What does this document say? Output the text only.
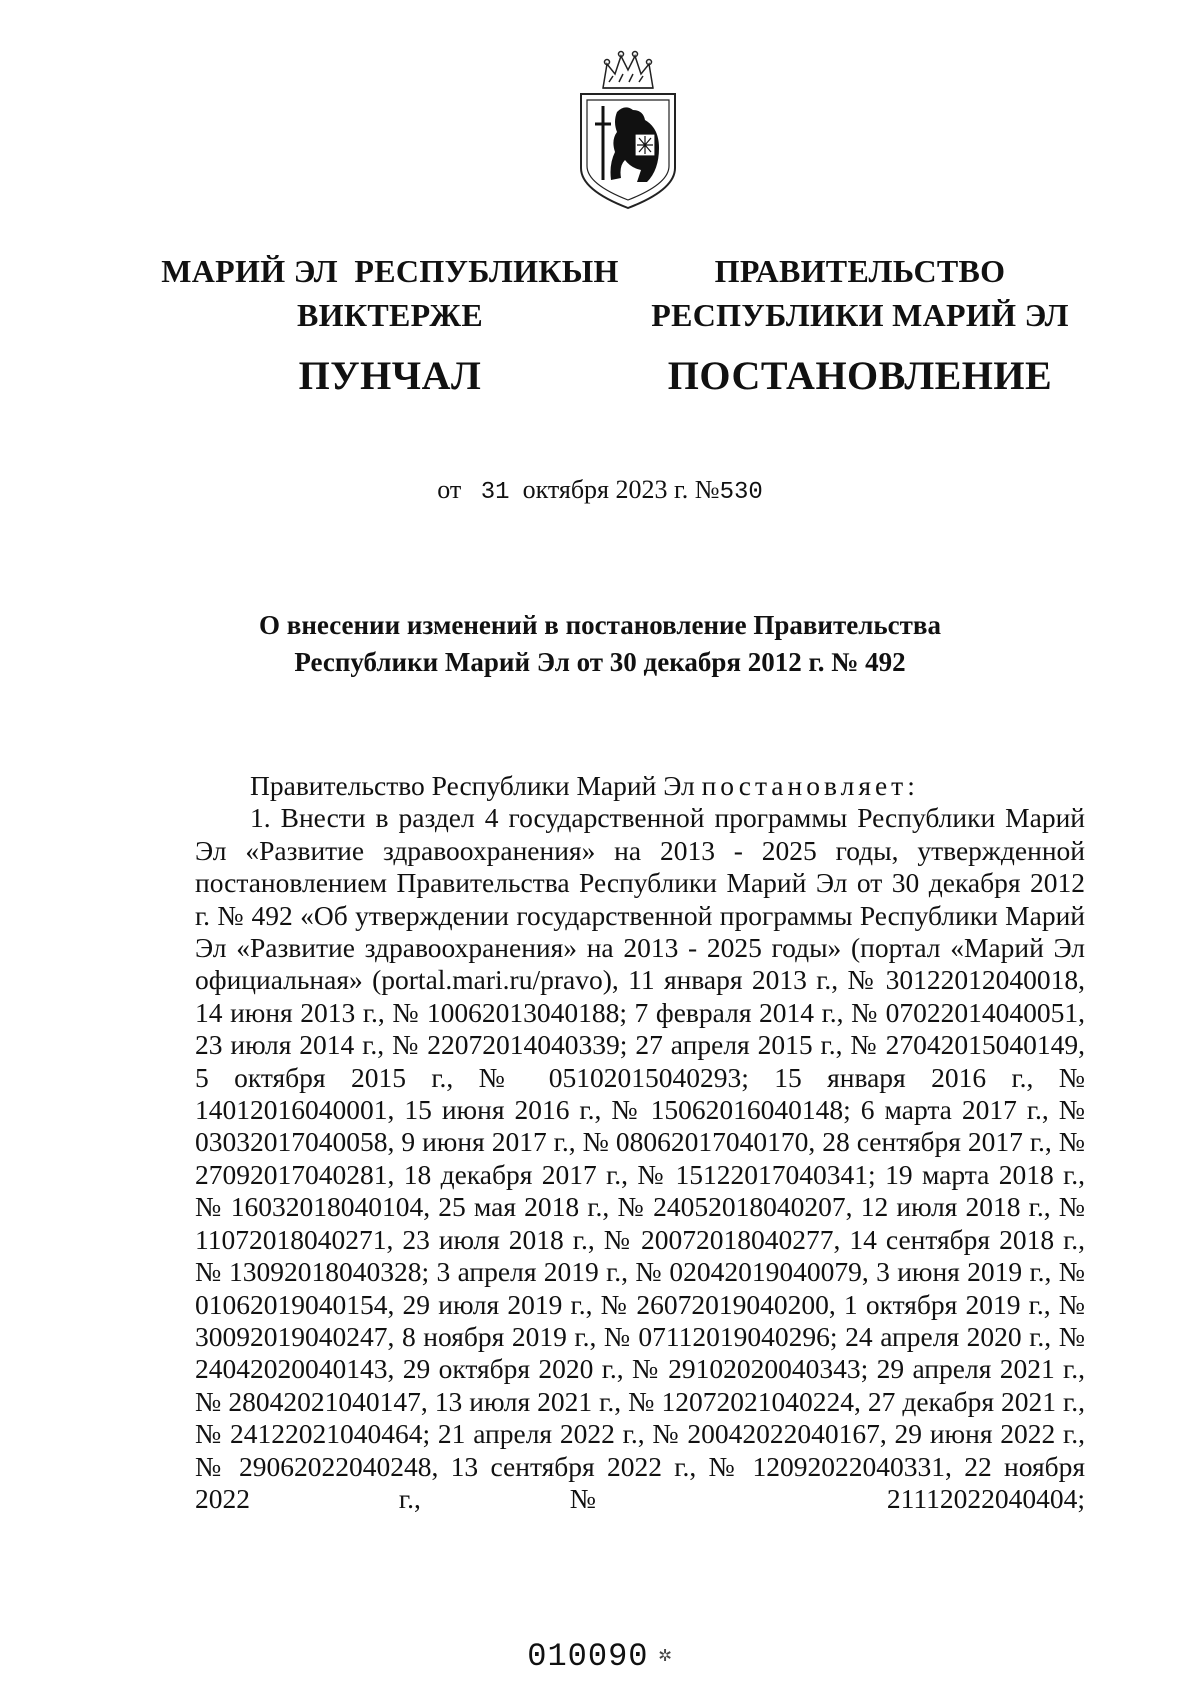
МАРИЙ ЭЛ  РЕСПУБЛИКЫН
ВИКТЕРЖЕ
ПУНЧАЛ
ПРАВИТЕЛЬСТВО
РЕСПУБЛИКИ МАРИЙ ЭЛ
ПОСТАНОВЛЕНИЕ
от 31 октября 2023 г. №530
О внесении изменений в постановление Правительства
Республики Марий Эл от 30 декабря 2012 г. № 492
Правительство Республики Марий Эл постановляет:
1. Внести в раздел 4 государственной программы Республики Марий Эл «Развитие здравоохранения» на 2013 - 2025 годы, утвержденной постановлением Правительства Республики Марий Эл от 30 декабря 2012 г. № 492 «Об утверждении государственной программы Республики Марий Эл «Развитие здравоохранения» на 2013 - 2025 годы» (портал «Марий Эл официальная» (portal.mari.ru/pravo), 11 января 2013 г., № 30122012040018, 14 июня 2013 г., № 10062013040188; 7 февраля 2014 г., № 07022014040051, 23 июля 2014 г., № 22072014040339; 27 апреля 2015 г., № 27042015040149, 5 октября 2015 г., № 05102015040293; 15 января 2016 г., № 14012016040001, 15 июня 2016 г., № 15062016040148; 6 марта 2017 г., № 03032017040058, 9 июня 2017 г., № 08062017040170, 28 сентября 2017 г., № 27092017040281, 18 декабря 2017 г., № 15122017040341; 19 марта 2018 г., № 16032018040104, 25 мая 2018 г., № 24052018040207, 12 июля 2018 г., № 11072018040271, 23 июля 2018 г., № 20072018040277, 14 сентября 2018 г., № 13092018040328; 3 апреля 2019 г., № 02042019040079, 3 июня 2019 г., № 01062019040154, 29 июля 2019 г., № 26072019040200, 1 октября 2019 г., № 30092019040247, 8 ноября 2019 г., № 07112019040296; 24 апреля 2020 г., № 24042020040143, 29 октября 2020 г., № 29102020040343; 29 апреля 2021 г., № 28042021040147, 13 июля 2021 г., № 12072021040224, 27 декабря 2021 г., № 24122021040464; 21 апреля 2022 г., № 20042022040167, 29 июня 2022 г., № 29062022040248, 13 сентября 2022 г., № 12092022040331, 22 ноября 2022 г., № 21112022040404;
010090 ✲
